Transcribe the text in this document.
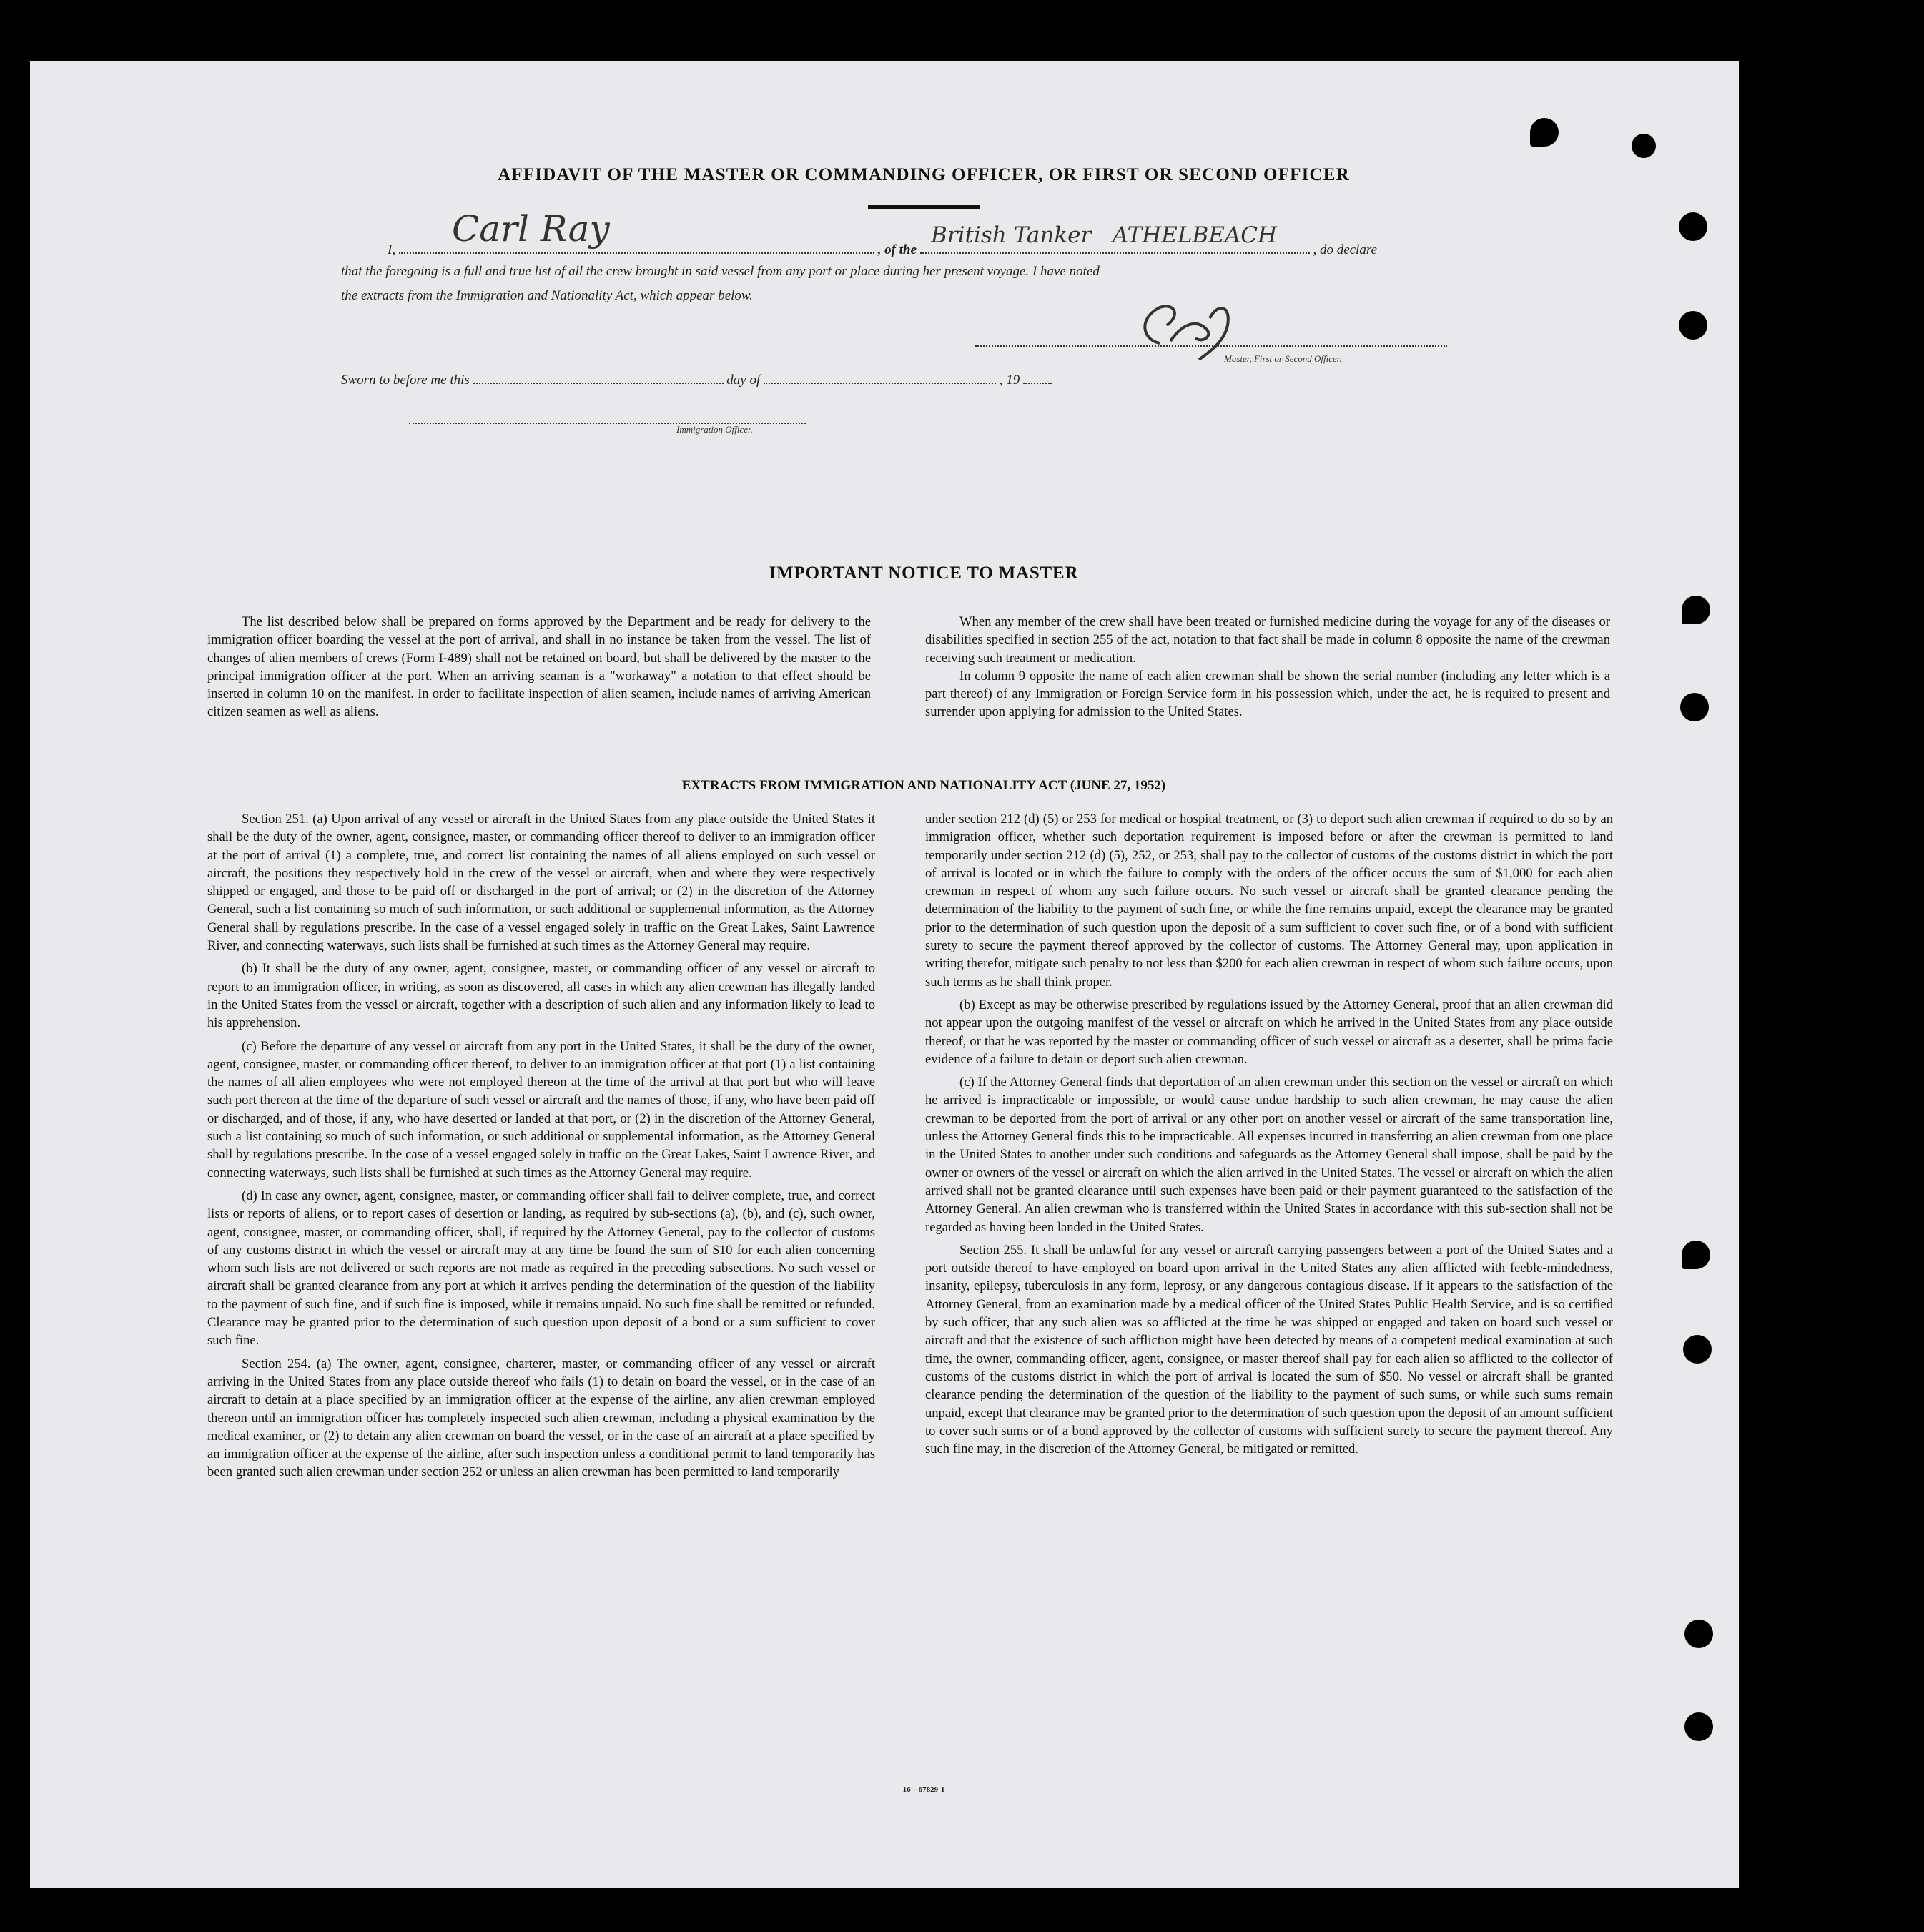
AFFIDAVIT OF THE MASTER OR COMMANDING OFFICER, OR FIRST OR SECOND OFFICER
I,	, of the	, do declare
Carl Ray	British Tanker   ATHELBEACH
that the foregoing is a full and true list of all the crew brought in said vessel from any port or place during her present voyage. I have noted
the extracts from the Immigration and Nationality Act, which appear below.
Master, First or Second Officer.
Sworn to before me this	day of	, 19
Immigration Officer.
IMPORTANT NOTICE TO MASTER

The list described below shall be prepared on forms approved by the Department and be ready for delivery to the immigration officer boarding the vessel at the port of arrival, and shall in no instance be taken from the vessel. The list of changes of alien members of crews (Form I-489) shall not be retained on board, but shall be delivered by the master to the principal immigration officer at the port. When an arriving seaman is a "workaway" a notation to that effect should be inserted in column 10 on the manifest. In order to facilitate inspection of alien seamen, include names of arriving American citizen seamen as well as aliens.

When any member of the crew shall have been treated or furnished medicine during the voyage for any of the diseases or disabilities specified in section 255 of the act, notation to that fact shall be made in column 8 opposite the name of the crewman receiving such treatment or medication.

In column 9 opposite the name of each alien crewman shall be shown the serial number (including any letter which is a part thereof) of any Immigration or Foreign Service form in his possession which, under the act, he is required to present and surrender upon applying for admission to the United States.

EXTRACTS FROM IMMIGRATION AND NATIONALITY ACT (JUNE 27, 1952)

Section 251. (a) Upon arrival of any vessel or aircraft in the United States from any place outside the United States it shall be the duty of the owner, agent, consignee, master, or commanding officer thereof to deliver to an immigration officer at the port of arrival (1) a complete, true, and correct list containing the names of all aliens employed on such vessel or aircraft, the positions they respectively hold in the crew of the vessel or aircraft, when and where they were respectively shipped or engaged, and those to be paid off or discharged in the port of arrival; or (2) in the discretion of the Attorney General, such a list containing so much of such information, or such additional or supplemental information, as the Attorney General shall by regulations prescribe. In the case of a vessel engaged solely in traffic on the Great Lakes, Saint Lawrence River, and connecting waterways, such lists shall be furnished at such times as the Attorney General may require.

(b) It shall be the duty of any owner, agent, consignee, master, or commanding officer of any vessel or aircraft to report to an immigration officer, in writing, as soon as discovered, all cases in which any alien crewman has illegally landed in the United States from the vessel or aircraft, together with a description of such alien and any information likely to lead to his apprehension.

(c) Before the departure of any vessel or aircraft from any port in the United States, it shall be the duty of the owner, agent, consignee, master, or commanding officer thereof, to deliver to an immigration officer at that port (1) a list containing the names of all alien employees who were not employed thereon at the time of the arrival at that port but who will leave such port thereon at the time of the departure of such vessel or aircraft and the names of those, if any, who have been paid off or discharged, and of those, if any, who have deserted or landed at that port, or (2) in the discretion of the Attorney General, such a list containing so much of such information, or such additional or supplemental information, as the Attorney General shall by regulations prescribe. In the case of a vessel engaged solely in traffic on the Great Lakes, Saint Lawrence River, and connecting waterways, such lists shall be furnished at such times as the Attorney General may require.

(d) In case any owner, agent, consignee, master, or commanding officer shall fail to deliver complete, true, and correct lists or reports of aliens, or to report cases of desertion or landing, as required by sub-sections (a), (b), and (c), such owner, agent, consignee, master, or commanding officer, shall, if required by the Attorney General, pay to the collector of customs of any customs district in which the vessel or aircraft may at any time be found the sum of $10 for each alien concerning whom such lists are not delivered or such reports are not made as required in the preceding subsections. No such vessel or aircraft shall be granted clearance from any port at which it arrives pending the determination of the question of the liability to the payment of such fine, and if such fine is imposed, while it remains unpaid. No such fine shall be remitted or refunded. Clearance may be granted prior to the determination of such question upon deposit of a bond or a sum sufficient to cover such fine.

Section 254. (a) The owner, agent, consignee, charterer, master, or commanding officer of any vessel or aircraft arriving in the United States from any place outside thereof who fails (1) to detain on board the vessel, or in the case of an aircraft to detain at a place specified by an immigration officer at the expense of the airline, any alien crewman employed thereon until an immigration officer has completely inspected such alien crewman, including a physical examination by the medical examiner, or (2) to detain any alien crewman on board the vessel, or in the case of an aircraft at a place specified by an immigration officer at the expense of the airline, after such inspection unless a conditional permit to land temporarily has been granted such alien crewman under section 252 or unless an alien crewman has been permitted to land temporarily

under section 212 (d) (5) or 253 for medical or hospital treatment, or (3) to deport such alien crewman if required to do so by an immigration officer, whether such deportation requirement is imposed before or after the crewman is permitted to land temporarily under section 212 (d) (5), 252, or 253, shall pay to the collector of customs of the customs district in which the port of arrival is located or in which the failure to comply with the orders of the officer occurs the sum of $1,000 for each alien crewman in respect of whom any such failure occurs. No such vessel or aircraft shall be granted clearance pending the determination of the liability to the payment of such fine, or while the fine remains unpaid, except the clearance may be granted prior to the determination of such question upon the deposit of a sum sufficient to cover such fine, or of a bond with sufficient surety to secure the payment thereof approved by the collector of customs. The Attorney General may, upon application in writing therefor, mitigate such penalty to not less than $200 for each alien crewman in respect of whom such failure occurs, upon such terms as he shall think proper.

(b) Except as may be otherwise prescribed by regulations issued by the Attorney General, proof that an alien crewman did not appear upon the outgoing manifest of the vessel or aircraft on which he arrived in the United States from any place outside thereof, or that he was reported by the master or commanding officer of such vessel or aircraft as a deserter, shall be prima facie evidence of a failure to detain or deport such alien crewman.

(c) If the Attorney General finds that deportation of an alien crewman under this section on the vessel or aircraft on which he arrived is impracticable or impossible, or would cause undue hardship to such alien crewman, he may cause the alien crewman to be deported from the port of arrival or any other port on another vessel or aircraft of the same transportation line, unless the Attorney General finds this to be impracticable. All expenses incurred in transferring an alien crewman from one place in the United States to another under such conditions and safeguards as the Attorney General shall impose, shall be paid by the owner or owners of the vessel or aircraft on which the alien arrived in the United States. The vessel or aircraft on which the alien arrived shall not be granted clearance until such expenses have been paid or their payment guaranteed to the satisfaction of the Attorney General. An alien crewman who is transferred within the United States in accordance with this sub-section shall not be regarded as having been landed in the United States.

Section 255. It shall be unlawful for any vessel or aircraft carrying passengers between a port of the United States and a port outside thereof to have employed on board upon arrival in the United States any alien afflicted with feeble-mindedness, insanity, epilepsy, tuberculosis in any form, leprosy, or any dangerous contagious disease. If it appears to the satisfaction of the Attorney General, from an examination made by a medical officer of the United States Public Health Service, and is so certified by such officer, that any such alien was so afflicted at the time he was shipped or engaged and taken on board such vessel or aircraft and that the existence of such affliction might have been detected by means of a competent medical examination at such time, the owner, commanding officer, agent, consignee, or master thereof shall pay for each alien so afflicted to the collector of customs of the customs district in which the port of arrival is located the sum of $50. No vessel or aircraft shall be granted clearance pending the determination of the question of the liability to the payment of such sums, or while such sums remain unpaid, except that clearance may be granted prior to the determination of such question upon the deposit of an amount sufficient to cover such sums or of a bond approved by the collector of customs with sufficient surety to secure the payment thereof. Any such fine may, in the discretion of the Attorney General, be mitigated or remitted.

16—67829-1
